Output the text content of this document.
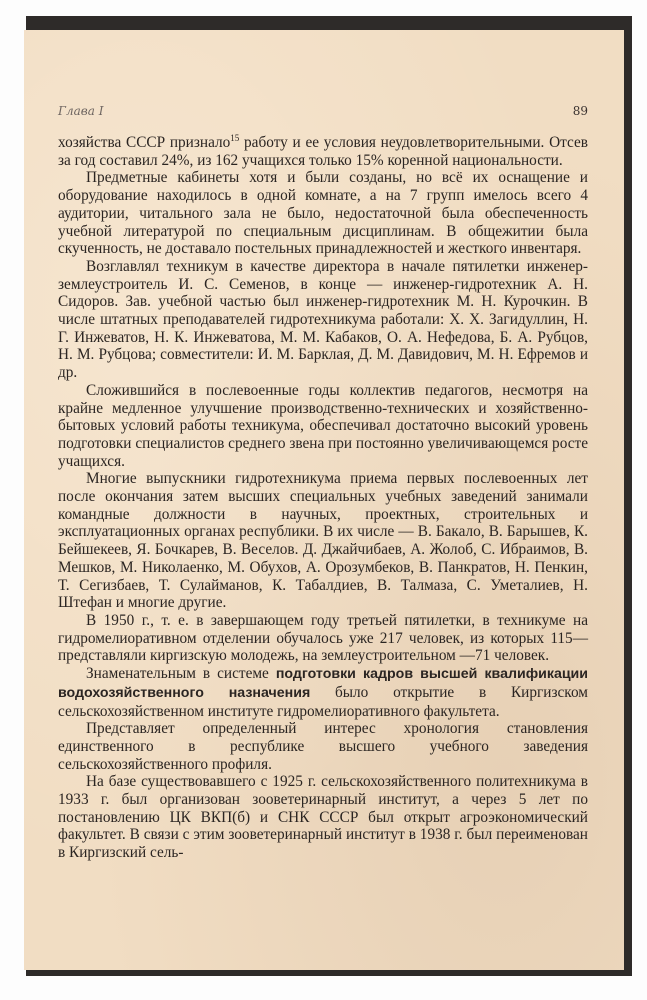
Глава I	89

хозяйства СССР признало$^{15}$ работу и ее условия неудовлетворительными. Отсев за год составил 24%, из 162 учащихся только 15% коренной национальности.

Предметные кабинеты хотя и были созданы, но всё их оснащение и оборудование находилось в одной комнате, а на 7 групп имелось всего 4 аудитории, читального зала не было, недостаточной была обеспеченность учебной литературой по специальным дисциплинам. В общежитии была скученность, не доставало постельных принадлежностей и жесткого инвентаря.

Возглавлял техникум в качестве директора в начале пятилетки инженер-землеустроитель И. С. Семенов, в конце — инженер-гидротехник А. Н. Сидоров. Зав. учебной частью был инженер-гидротехник М. Н. Курочкин. В числе штатных преподавателей гидротехникума работали: Х. Х. Загидуллин, Н. Г. Инжеватов, Н. К. Инжеватова, М. М. Кабаков, О. А. Нефедова, Б. А. Рубцов, Н. М. Рубцова; совместители: И. М. Барклая, Д. М. Давидович, М. Н. Ефремов и др.

Сложившийся в послевоенные годы коллектив педагогов, несмотря на крайне медленное улучшение производственно-технических и хозяйственно-бытовых условий работы техникума, обеспечивал достаточно высокий уровень подготовки специалистов среднего звена при постоянно увеличивающемся росте учащихся.

Многие выпускники гидротехникума приема первых послевоенных лет после окончания затем высших специальных учебных заведений занимали командные должности в научных, проектных, строительных и эксплуатационных органах республики. В их числе — В. Бакало, В. Барышев, К. Бейшекеев, Я. Бочкарев, В. Веселов. Д. Джайчибаев, А. Жолоб, С. Ибраимов, В. Мешков, М. Николаенко, М. Обухов, А. Орозумбеков, В. Панкратов, Н. Пенкин, Т. Сегизбаев, Т. Сулайманов, К. Табалдиев, В. Талмаза, С. Уметалиев, Н. Штефан и многие другие.

В 1950 г., т. е. в завершающем году третьей пятилетки, в техникуме на гидромелиоративном отделении обучалось уже 217 человек, из которых 115— представляли киргизскую молодежь, на землеустроительном —71 человек.

Знаменательным в системе подготовки кадров высшей квалификации водохозяйственного назначения было открытие в Киргизском сельскохозяйственном институте гидромелиоративного факультета.

Представляет определенный интерес хронология становления единственного в республике высшего учебного заведения сельскохозяйственного профиля.

На базе существовавшего с 1925 г. сельскохозяйственного политехникума в 1933 г. был организован зооветеринарный институт, а через 5 лет по постановлению ЦК ВКП(б) и СНК СССР был открыт агроэкономический факультет. В связи с этим зооветеринарный институт в 1938 г. был переименован в Киргизский сель-
